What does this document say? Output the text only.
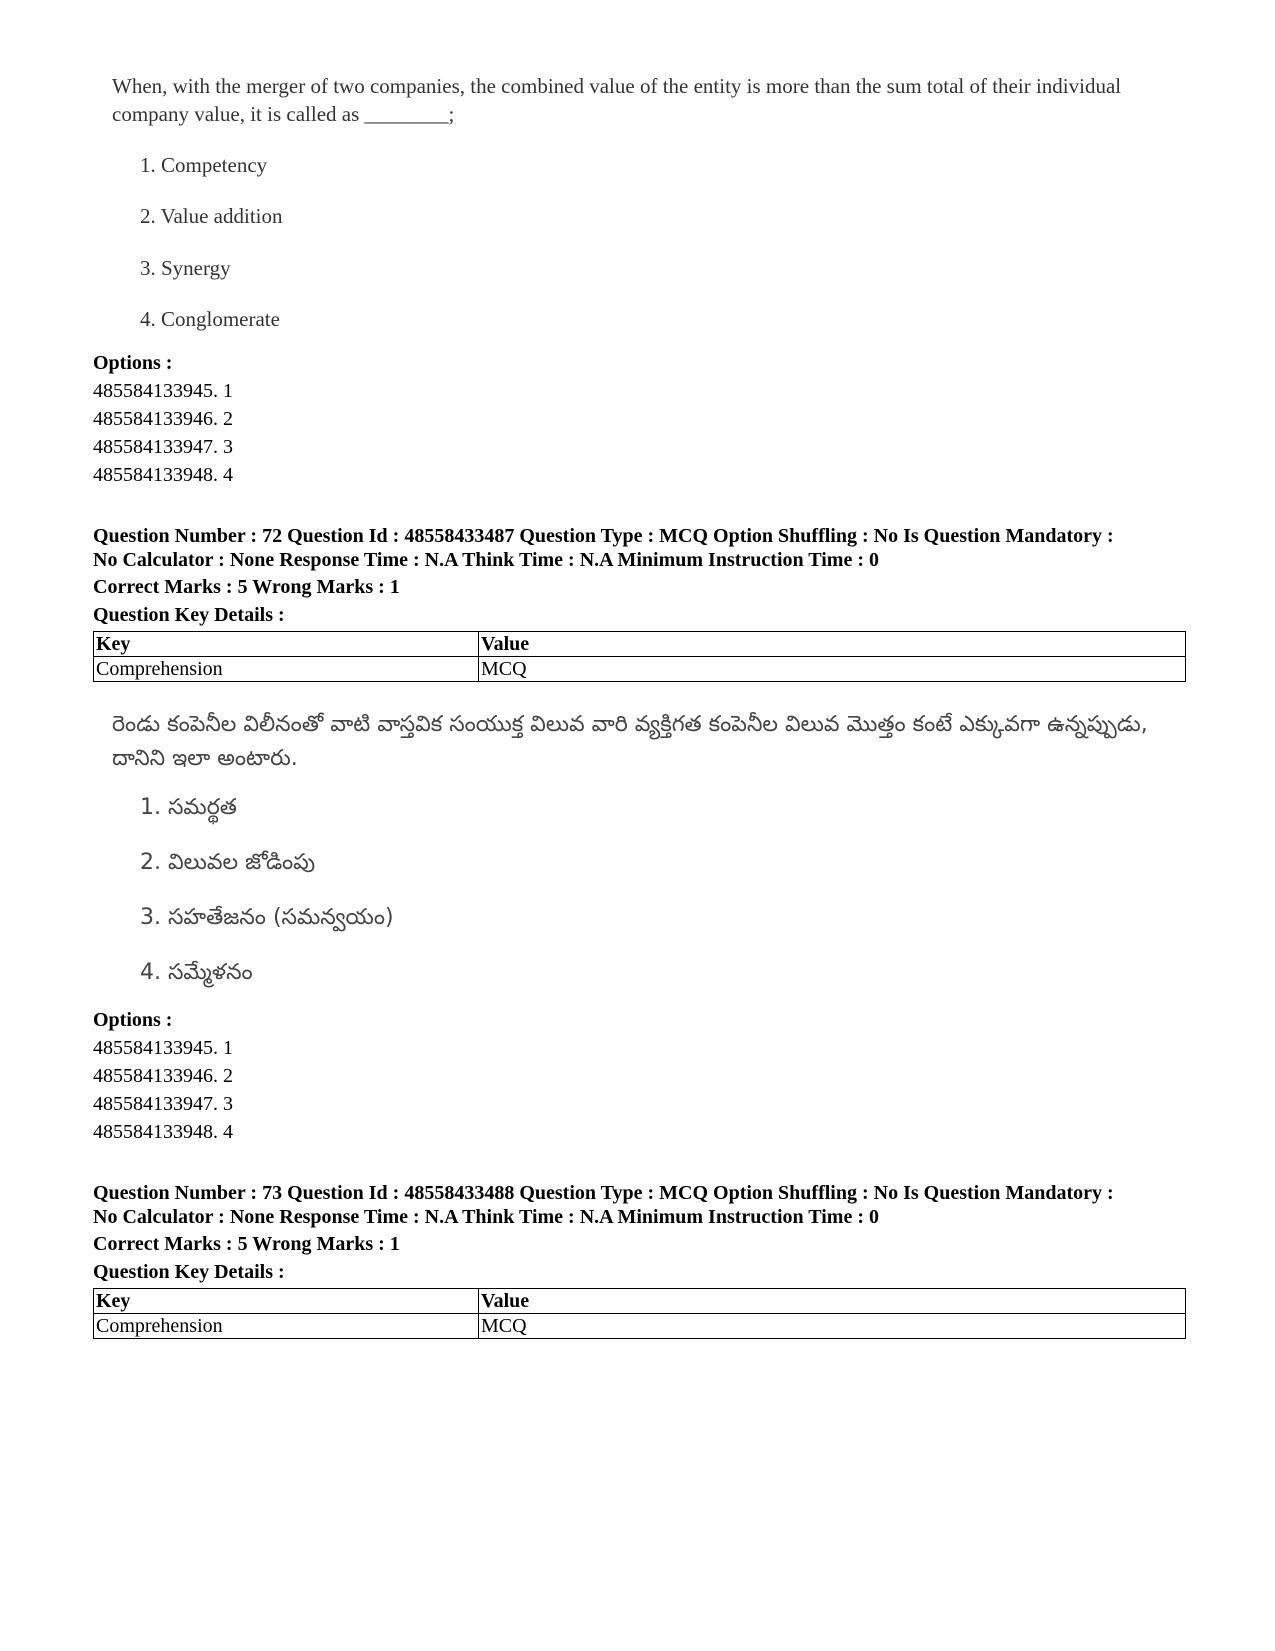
When, with the merger of two companies, the combined value of the entity is more than the sum total of their individual company value, it is called as ________;
1. Competency
2. Value addition
3. Synergy
4. Conglomerate
Options :
485584133945. 1
485584133946. 2
485584133947. 3
485584133948. 4
Question Number : 72 Question Id : 48558433487 Question Type : MCQ Option Shuffling : No Is Question Mandatory :
No Calculator : None Response Time : N.A Think Time : N.A Minimum Instruction Time : 0
Correct Marks : 5 Wrong Marks : 1
Question Key Details :
Key	Value
Comprehension	MCQ
రెండు కంపెనీల విలీనంతో వాటి వాస్తవిక సంయుక్త విలువ వారి వ్యక్తిగత కంపెనీల విలువ మొత్తం కంటే ఎక్కువగా ఉన్నప్పుడు, దానిని ఇలా అంటారు.
1. సమర్థత
2. విలువల జోడింపు
3. సహతేజనం (సమన్వయం)
4. సమ్మేళనం
Options :
485584133945. 1
485584133946. 2
485584133947. 3
485584133948. 4
Question Number : 73 Question Id : 48558433488 Question Type : MCQ Option Shuffling : No Is Question Mandatory :
No Calculator : None Response Time : N.A Think Time : N.A Minimum Instruction Time : 0
Correct Marks : 5 Wrong Marks : 1
Question Key Details :
Key	Value
Comprehension	MCQ
